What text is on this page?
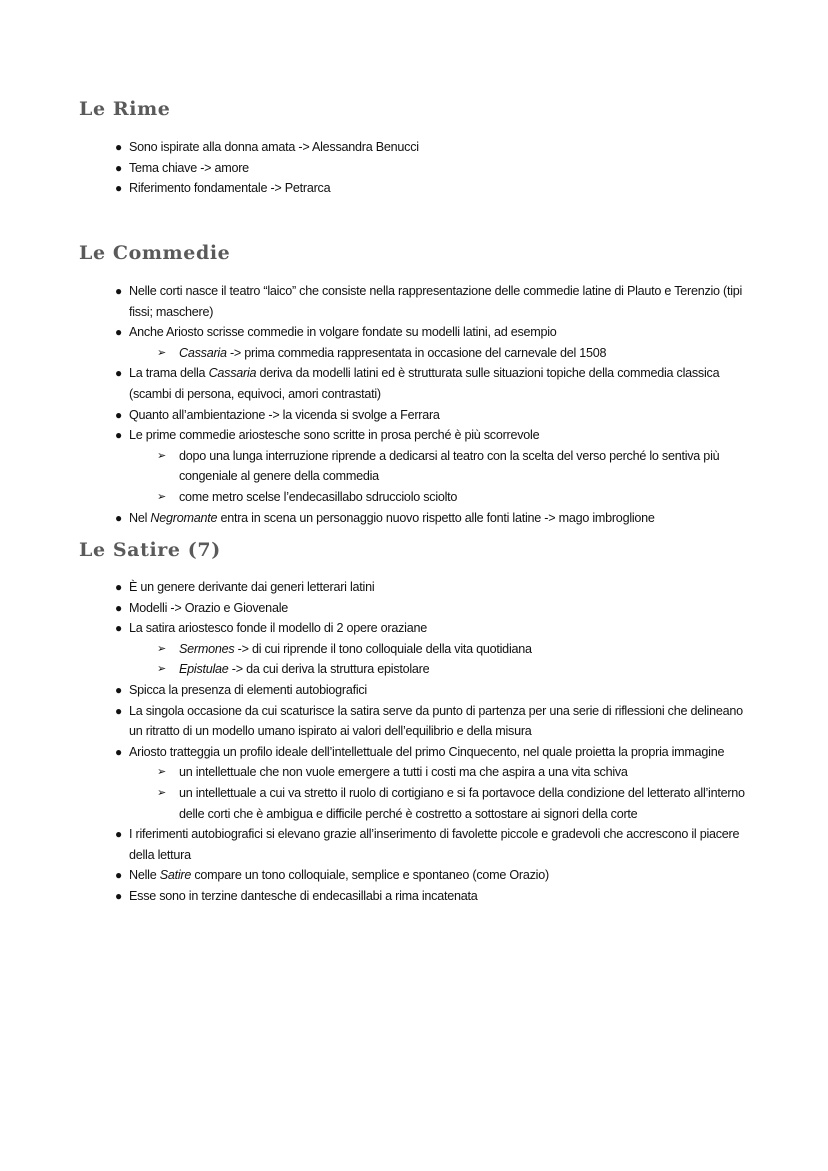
Le Rime
● Sono ispirate alla donna amata -> Alessandra Benucci
● Tema chiave -> amore
● Riferimento fondamentale -> Petrarca
Le Commedie
● Nelle corti nasce il teatro “laico” che consiste nella rappresentazione delle commedie latine di Plauto e Terenzio (tipi fissi; maschere)
● Anche Ariosto scrisse commedie in volgare fondate su modelli latini, ad esempio
➢ Cassaria -> prima commedia rappresentata in occasione del carnevale del 1508
● La trama della Cassaria deriva da modelli latini ed è strutturata sulle situazioni topiche della commedia classica (scambi di persona, equivoci, amori contrastati)
● Quanto all’ambientazione -> la vicenda si svolge a Ferrara
● Le prime commedie ariostesche sono scritte in prosa perché è più scorrevole
➢ dopo una lunga interruzione riprende a dedicarsi al teatro con la scelta del verso perché lo sentiva più congeniale al genere della commedia
➢ come metro scelse l’endecasillabo sdrucciolo sciolto
● Nel Negromante entra in scena un personaggio nuovo rispetto alle fonti latine -> mago imbroglione
Le Satire (7)
● È un genere derivante dai generi letterari latini
● Modelli -> Orazio e Giovenale
● La satira ariostesco fonde il modello di 2 opere oraziane
➢ Sermones -> di cui riprende il tono colloquiale della vita quotidiana
➢ Epistulae -> da cui deriva la struttura epistolare
● Spicca la presenza di elementi autobiografici
● La singola occasione da cui scaturisce la satira serve da punto di partenza per una serie di riflessioni che delineano un ritratto di un modello umano ispirato ai valori dell’equilibrio e della misura
● Ariosto tratteggia un profilo ideale dell’intellettuale del primo Cinquecento, nel quale proietta la propria immagine
➢ un intellettuale che non vuole emergere a tutti i costi ma che aspira a una vita schiva
➢ un intellettuale a cui va stretto il ruolo di cortigiano e si fa portavoce della condizione del letterato all’interno delle corti che è ambigua e difficile perché è costretto a sottostare ai signori della corte
● I riferimenti autobiografici si elevano grazie all’inserimento di favolette piccole e gradevoli che accrescono il piacere della lettura
● Nelle Satire compare un tono colloquiale, semplice e spontaneo (come Orazio)
● Esse sono in terzine dantesche di endecasillabi a rima incatenata
